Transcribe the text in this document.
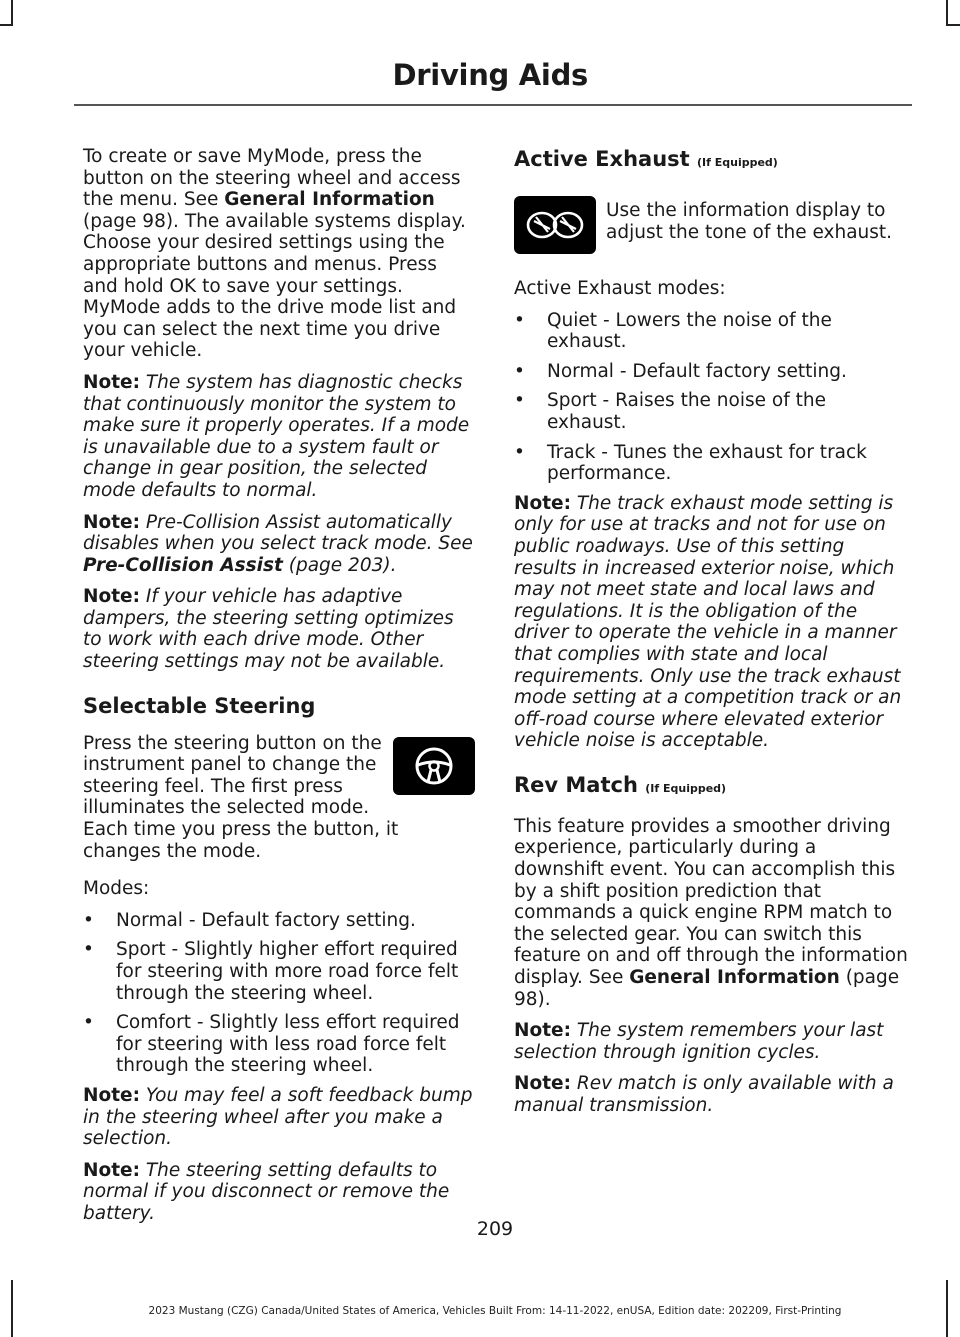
Driving Aids

To create or save MyMode, press the button on the steering wheel and access the menu. See General Information (page 98). The available systems display. Choose your desired settings using the appropriate buttons and menus. Press and hold OK to save your settings. MyMode adds to the drive mode list and you can select the next time you drive your vehicle.

Note: The system has diagnostic checks that continuously monitor the system to make sure it properly operates. If a mode is unavailable due to a system fault or change in gear position, the selected mode defaults to normal.

Note: Pre-Collision Assist automatically disables when you select track mode. See Pre-Collision Assist (page 203).

Note: If your vehicle has adaptive dampers, the steering setting optimizes to work with each drive mode. Other steering settings may not be available.

Selectable Steering

Press the steering button on the instrument panel to change the steering feel. The first press illuminates the selected mode. Each time you press the button, it changes the mode.

Modes:

• Normal - Default factory setting.
• Sport - Slightly higher effort required for steering with more road force felt through the steering wheel.
• Comfort - Slightly less effort required for steering with less road force felt through the steering wheel.

Note: You may feel a soft feedback bump in the steering wheel after you make a selection.

Note: The steering setting defaults to normal if you disconnect or remove the battery.

Active Exhaust (If Equipped)

Use the information display to adjust the tone of the exhaust.

Active Exhaust modes:

• Quiet - Lowers the noise of the exhaust.
• Normal - Default factory setting.
• Sport - Raises the noise of the exhaust.
• Track - Tunes the exhaust for track performance.

Note: The track exhaust mode setting is only for use at tracks and not for use on public roadways. Use of this setting results in increased exterior noise, which may not meet state and local laws and regulations. It is the obligation of the driver to operate the vehicle in a manner that complies with state and local requirements. Only use the track exhaust mode setting at a competition track or an off-road course where elevated exterior vehicle noise is acceptable.

Rev Match (If Equipped)

This feature provides a smoother driving experience, particularly during a downshift event. You can accomplish this by a shift position prediction that commands a quick engine RPM match to the selected gear. You can switch this feature on and off through the information display. See General Information (page 98).

Note: The system remembers your last selection through ignition cycles.

Note: Rev match is only available with a manual transmission.

209
2023 Mustang (CZG) Canada/United States of America, Vehicles Built From: 14-11-2022, enUSA, Edition date: 202209, First-Printing
